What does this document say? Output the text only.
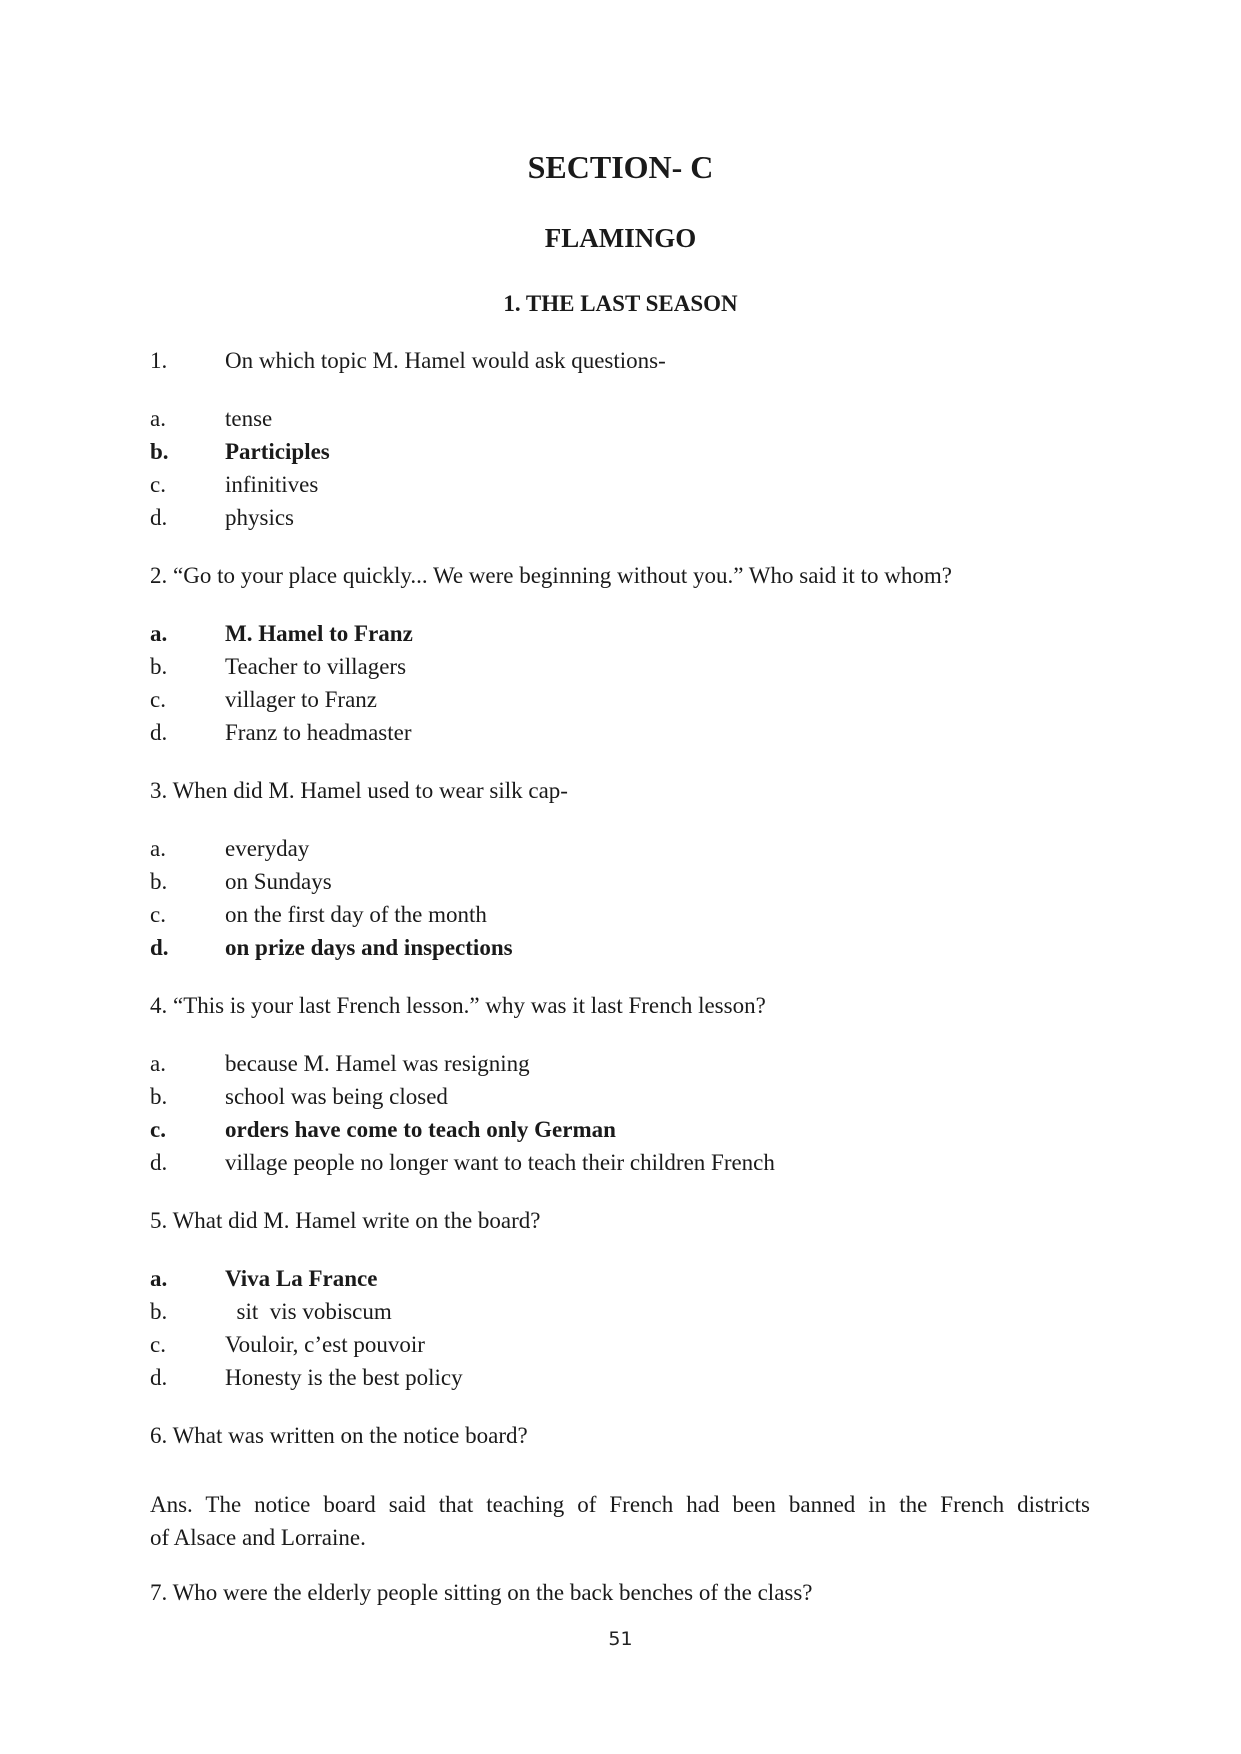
SECTION- C
FLAMINGO
1. THE LAST SEASON
1.	On which topic M. Hamel would ask questions-
a.	tense
b. Participles
c.	infinitives
d.	physics
2. “Go to your place quickly... We were beginning without you.” Who said it to whom?
a.	M. Hamel to Franz
b.	Teacher to villagers
c.	villager to Franz
d.	Franz to headmaster
3. When did M. Hamel used to wear silk cap-
a.	everyday
b.	on Sundays
c.	on the first day of the month
d. on prize days and inspections
4. “This is your last French lesson.” why was it last French lesson?
a.	because M. Hamel was resigning
b.	school was being closed
c.	orders have come to teach only German
d.	village people no longer want to teach their children French
5. What did M. Hamel write on the board?
a.	Viva La France
b.	sit  vis vobiscum
c.	Vouloir, c’est pouvoir
d.	Honesty is the best policy
6. What was written on the notice board?

Ans. The notice board said that teaching of French had been banned in the French districts
of Alsace and Lorraine.

7. Who were the elderly people sitting on the back benches of the class?
51
